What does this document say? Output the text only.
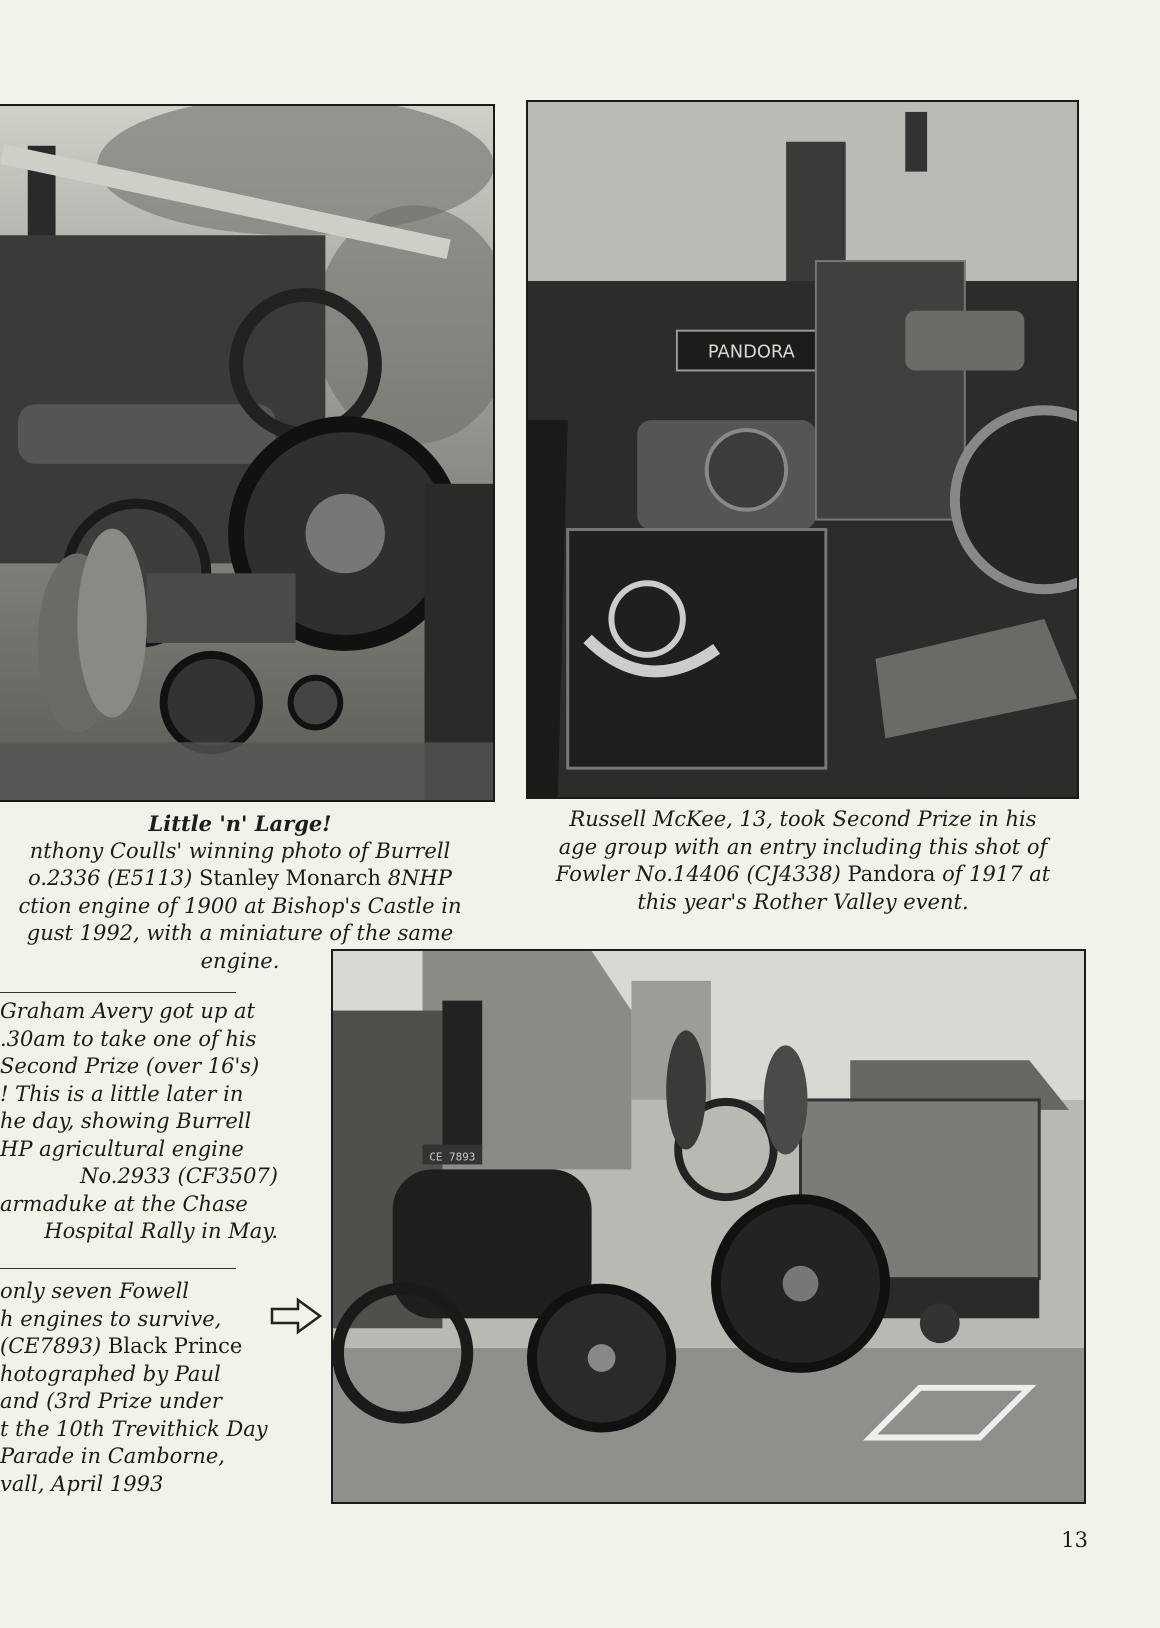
PANDORA
CE 7893
Little 'n' Large!
nthony Coulls' winning photo of Burrell
o.2336 (E5113) Stanley Monarch 8NHP
ction engine of 1900 at Bishop's Castle in
gust 1992, with a miniature of the same
engine.
Russell McKee, 13, took Second Prize in his
age group with an entry including this shot of
Fowler No.14406 (CJ4338) Pandora of 1917 at
this year's Rother Valley event.
Graham Avery got up at
.30am to take one of his
Second Prize (over 16's)
! This is a little later in
he day, showing Burrell
HP agricultural engine
No.2933 (CF3507)
armaduke at the Chase
Hospital Rally in May.
only seven Fowell
h engines to survive,
(CE7893) Black Prince
hotographed by Paul
and (3rd Prize under
t the 10th Trevithick Day
Parade in Camborne,
vall, April 1993
13
